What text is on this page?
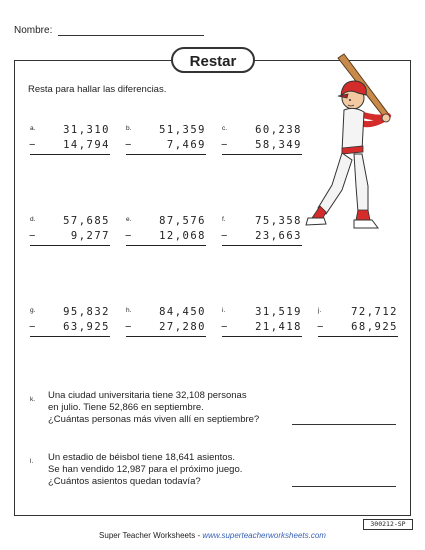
Nombre:
Restar
Resta para hallar las diferencias.
a.	31,310
−	14,794
b.	51,359
−	7,469
c.	60,238
−	58,349
d.	57,685
−	9,277
e.	87,576
−	12,068
f.	75,358
−	23,663
g.	95,832
−	63,925
h.	84,450
−	27,280
i.	31,519
−	21,418
j.	72,712
−	68,925
k. Una ciudad universitaria tiene 32,108 personas
en julio. Tiene 52,866 en septiembre.
¿Cuántas personas más viven allí en septiembre?
l. Un estadio de béisbol tiene 18,641 asientos.
Se han vendido 12,987 para el próximo juego.
¿Cuántos asientos quedan todavía?
Super Teacher Worksheets - www.superteacherworksheets.com
300212-SP
